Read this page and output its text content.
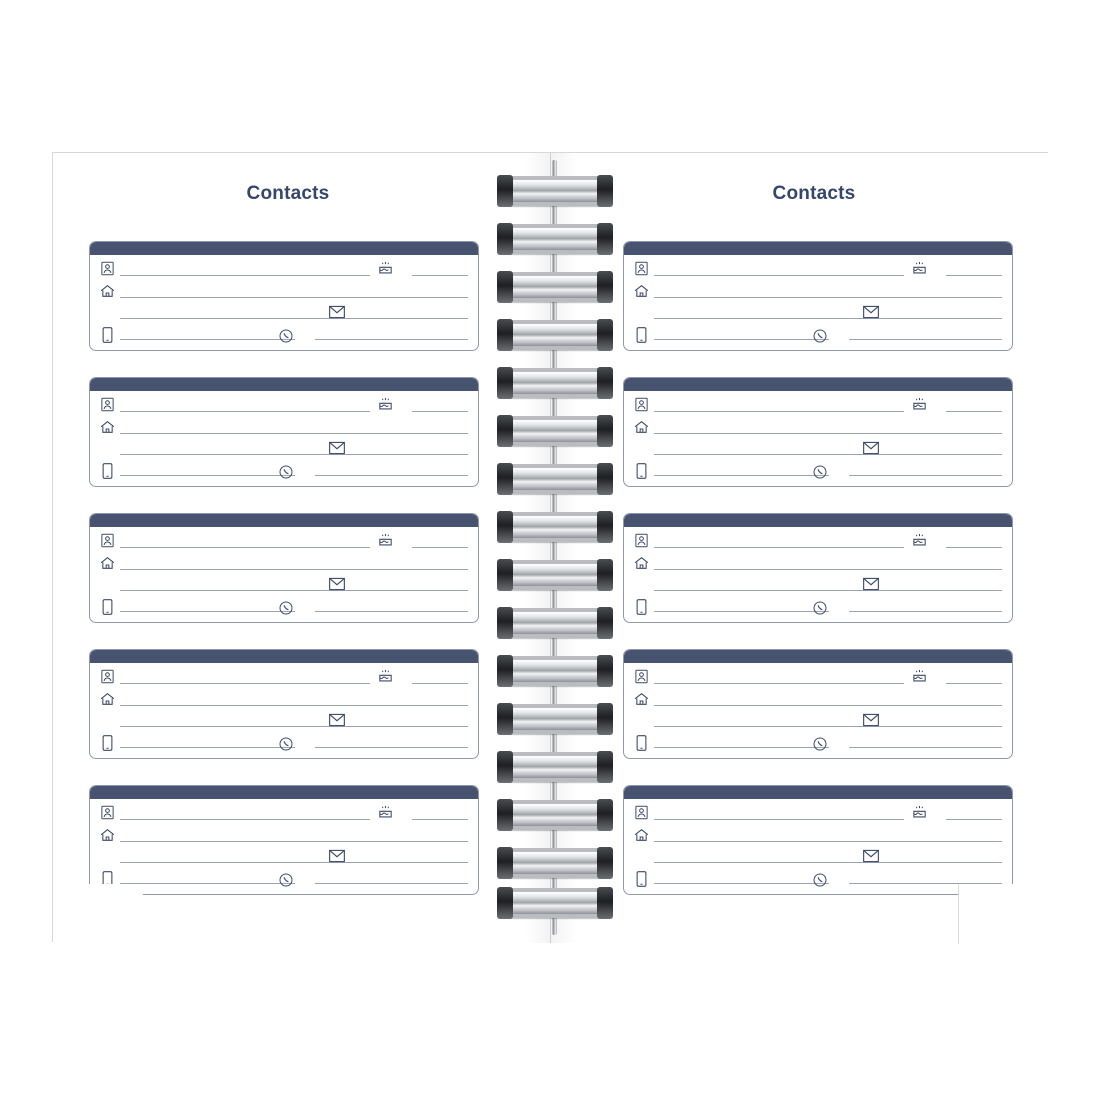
Contacts	Contacts
